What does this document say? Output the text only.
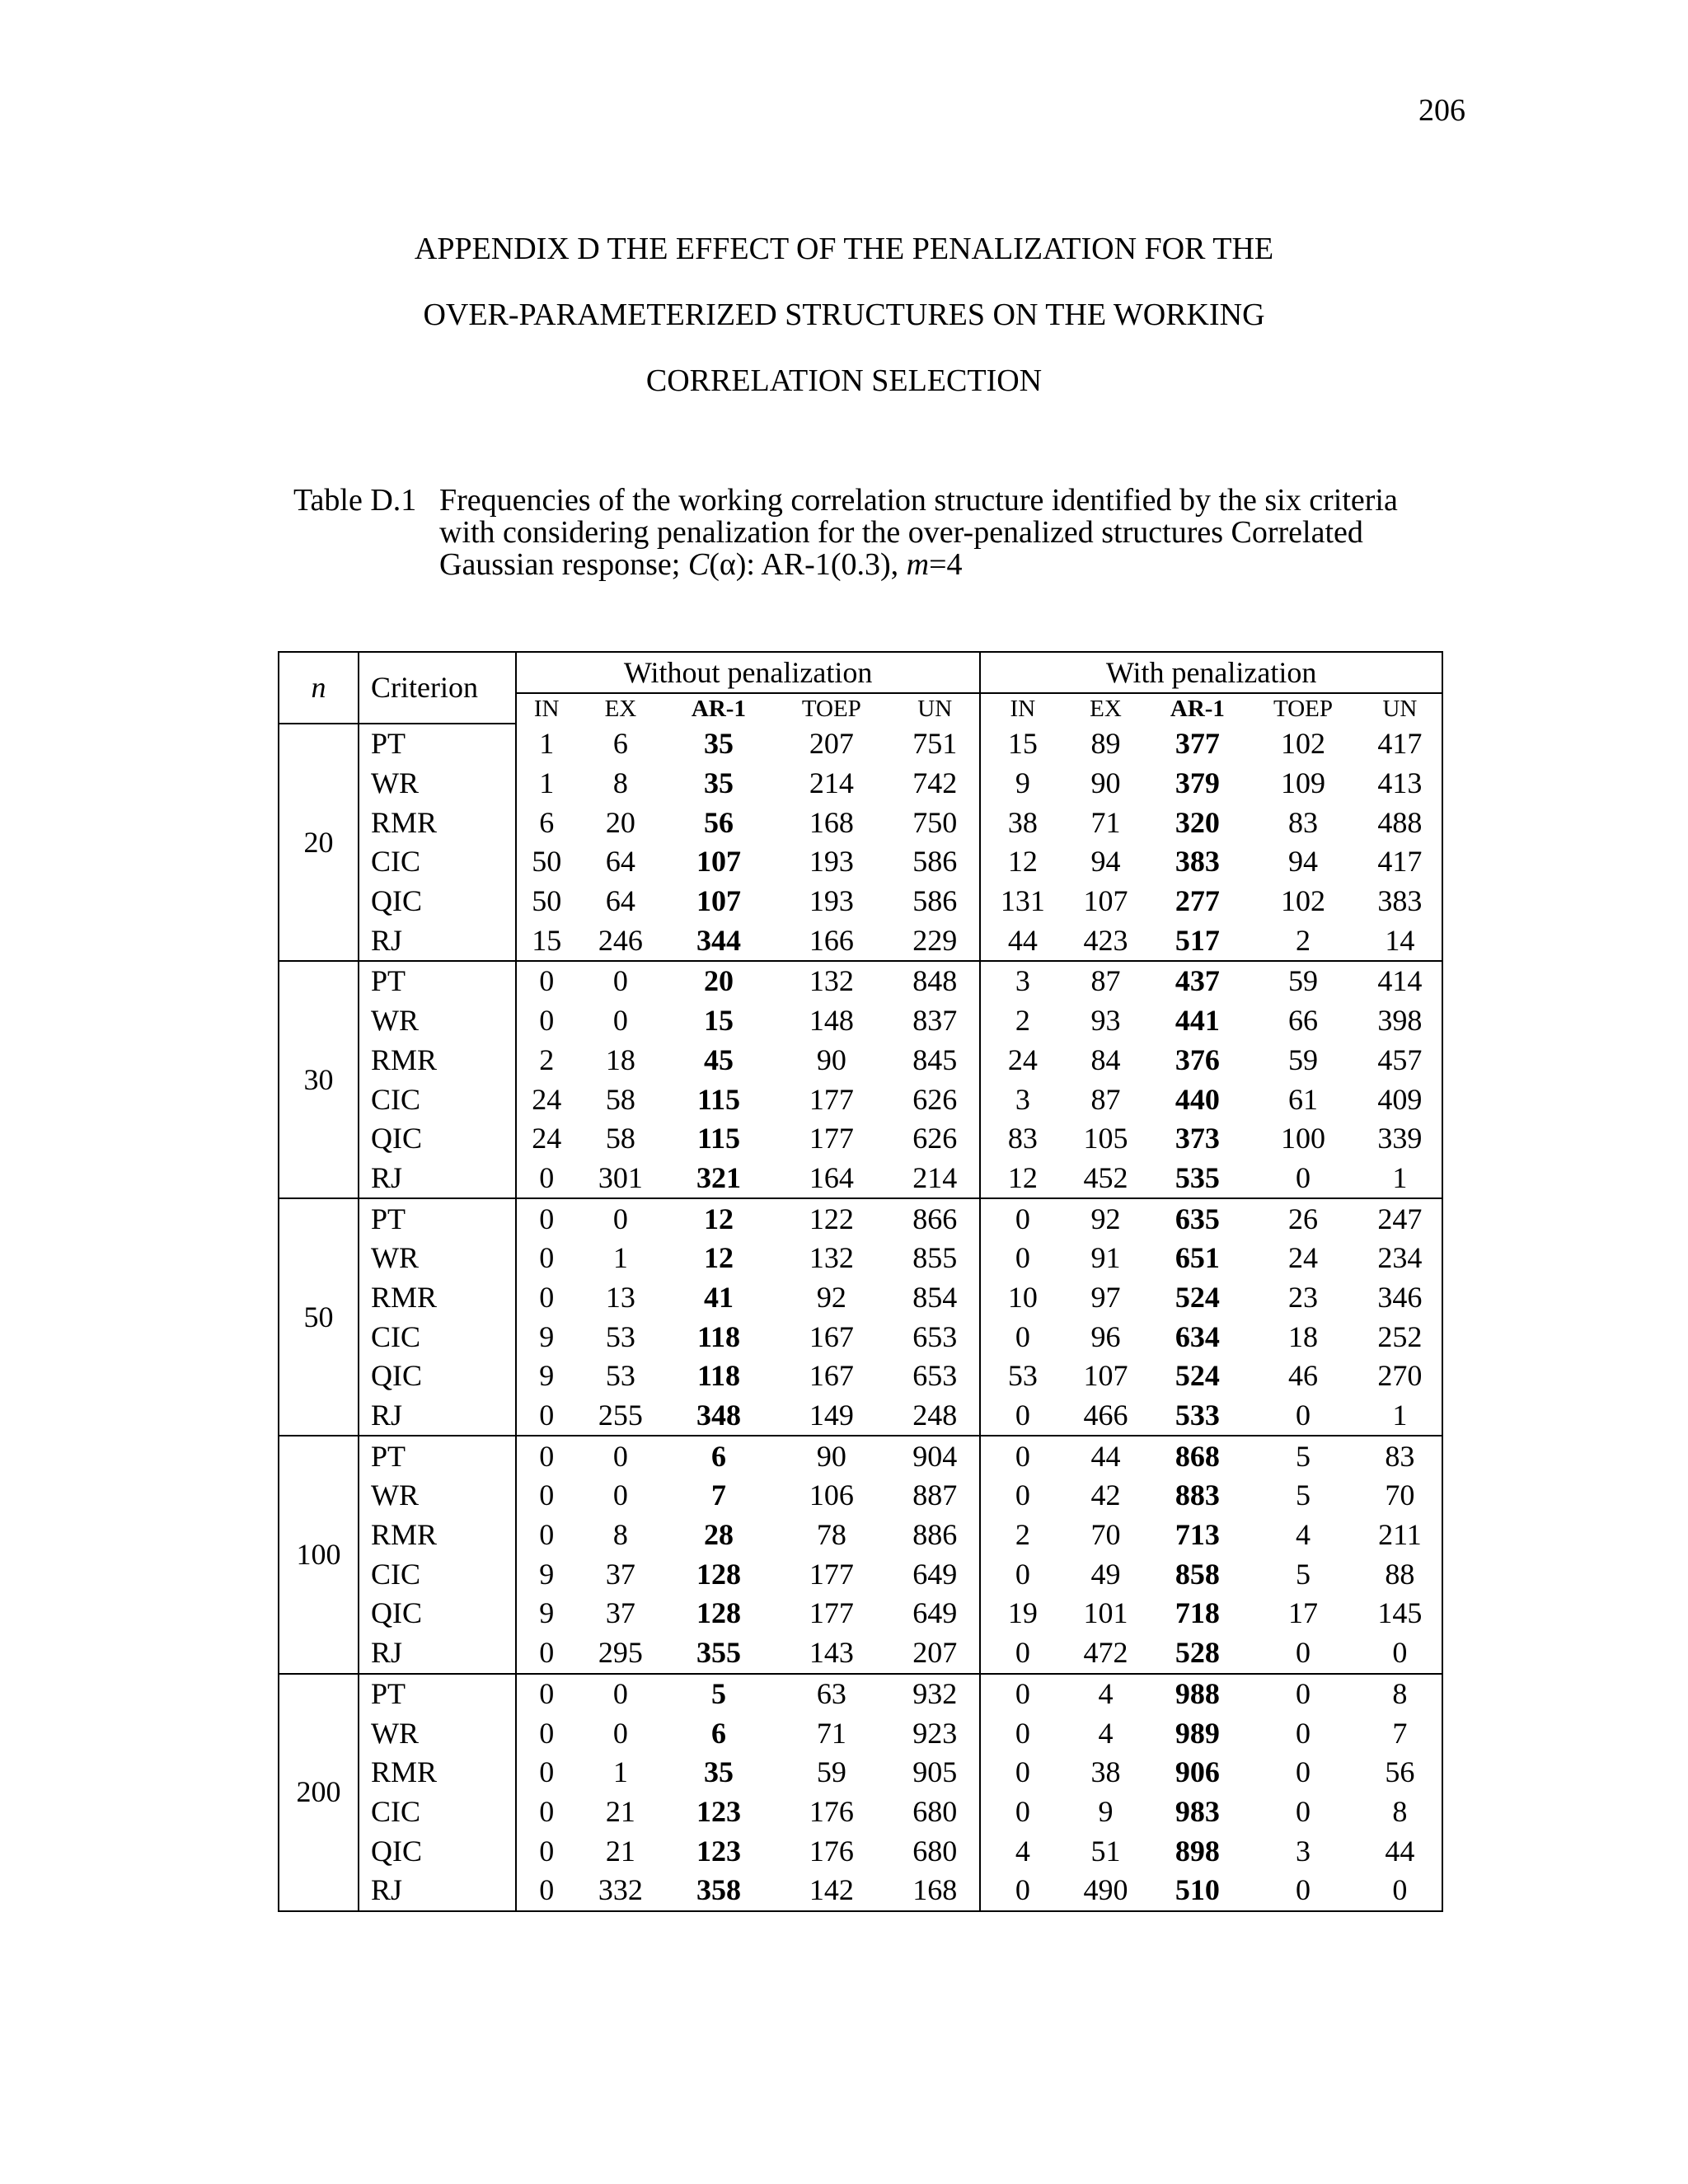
206
APPENDIX D THE EFFECT OF THE PENALIZATION FOR THE
OVER-PARAMETERIZED STRUCTURES ON THE WORKING
CORRELATION SELECTION
Table D.1 Frequencies of the working correlation structure identified by the six criteria with considering penalization for the over-penalized structures Correlated Gaussian response; C(α): AR-1(0.3), m=4
n	Criterion	Without penalization					With penalization				
		IN	EX	AR-1	TOEP	UN	IN	EX	AR-1	TOEP	UN
20	PT	1	6	35	207	751	15	89	377	102	417
	WR	1	8	35	214	742	9	90	379	109	413
	RMR	6	20	56	168	750	38	71	320	83	488
	CIC	50	64	107	193	586	12	94	383	94	417
	QIC	50	64	107	193	586	131	107	277	102	383
	RJ	15	246	344	166	229	44	423	517	2	14
30	PT	0	0	20	132	848	3	87	437	59	414
	WR	0	0	15	148	837	2	93	441	66	398
	RMR	2	18	45	90	845	24	84	376	59	457
	CIC	24	58	115	177	626	3	87	440	61	409
	QIC	24	58	115	177	626	83	105	373	100	339
	RJ	0	301	321	164	214	12	452	535	0	1
50	PT	0	0	12	122	866	0	92	635	26	247
	WR	0	1	12	132	855	0	91	651	24	234
	RMR	0	13	41	92	854	10	97	524	23	346
	CIC	9	53	118	167	653	0	96	634	18	252
	QIC	9	53	118	167	653	53	107	524	46	270
	RJ	0	255	348	149	248	0	466	533	0	1
100	PT	0	0	6	90	904	0	44	868	5	83
	WR	0	0	7	106	887	0	42	883	5	70
	RMR	0	8	28	78	886	2	70	713	4	211
	CIC	9	37	128	177	649	0	49	858	5	88
	QIC	9	37	128	177	649	19	101	718	17	145
	RJ	0	295	355	143	207	0	472	528	0	0
200	PT	0	0	5	63	932	0	4	988	0	8
	WR	0	0	6	71	923	0	4	989	0	7
	RMR	0	1	35	59	905	0	38	906	0	56
	CIC	0	21	123	176	680	0	9	983	0	8
	QIC	0	21	123	176	680	4	51	898	3	44
	RJ	0	332	358	142	168	0	490	510	0	0
